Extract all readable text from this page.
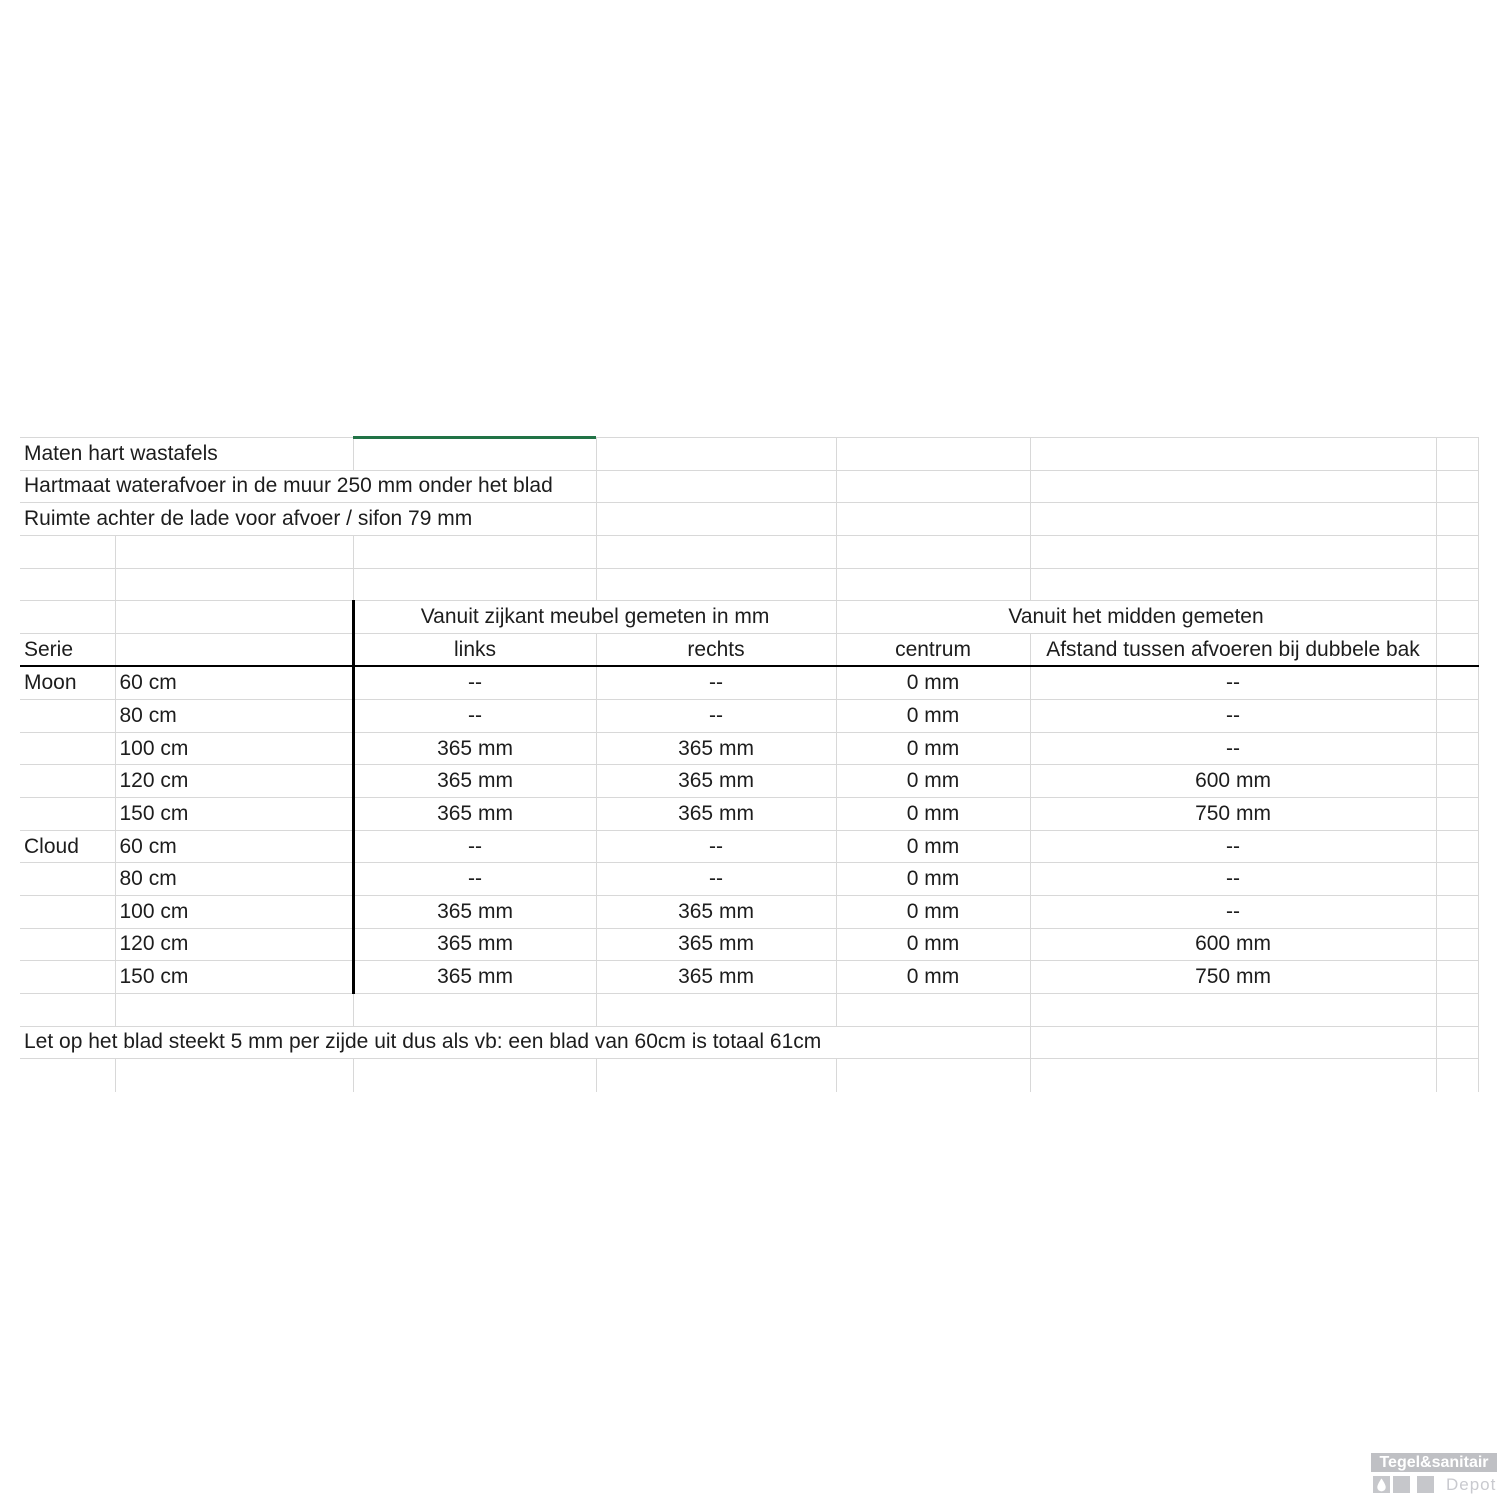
Maten hart wastafels						
Hartmaat waterafvoer in de muur 250 mm onder het blad						
Ruimte achter de lade voor afvoer / sifon 79 mm						

		Vanuit zijkant meubel gemeten in mm		Vanuit het midden gemeten		
Serie		links	rechts	centrum	Afstand tussen afvoeren bij dubbele bak	
Moon	60 cm	--	--	0 mm	--	
	80 cm	--	--	0 mm	--	
	100 cm	365 mm	365 mm	0 mm	--	
	120 cm	365 mm	365 mm	0 mm	600 mm	
	150 cm	365 mm	365 mm	0 mm	750 mm	
Cloud	60 cm	--	--	0 mm	--	
	80 cm	--	--	0 mm	--	
	100 cm	365 mm	365 mm	0 mm	--	
	120 cm	365 mm	365 mm	0 mm	600 mm	
	150 cm	365 mm	365 mm	0 mm	750 mm	

Let op het blad steekt 5 mm per zijde uit dus als vb: een blad van 60cm is totaal 61cm						

Tegel&sanitair
Depot
